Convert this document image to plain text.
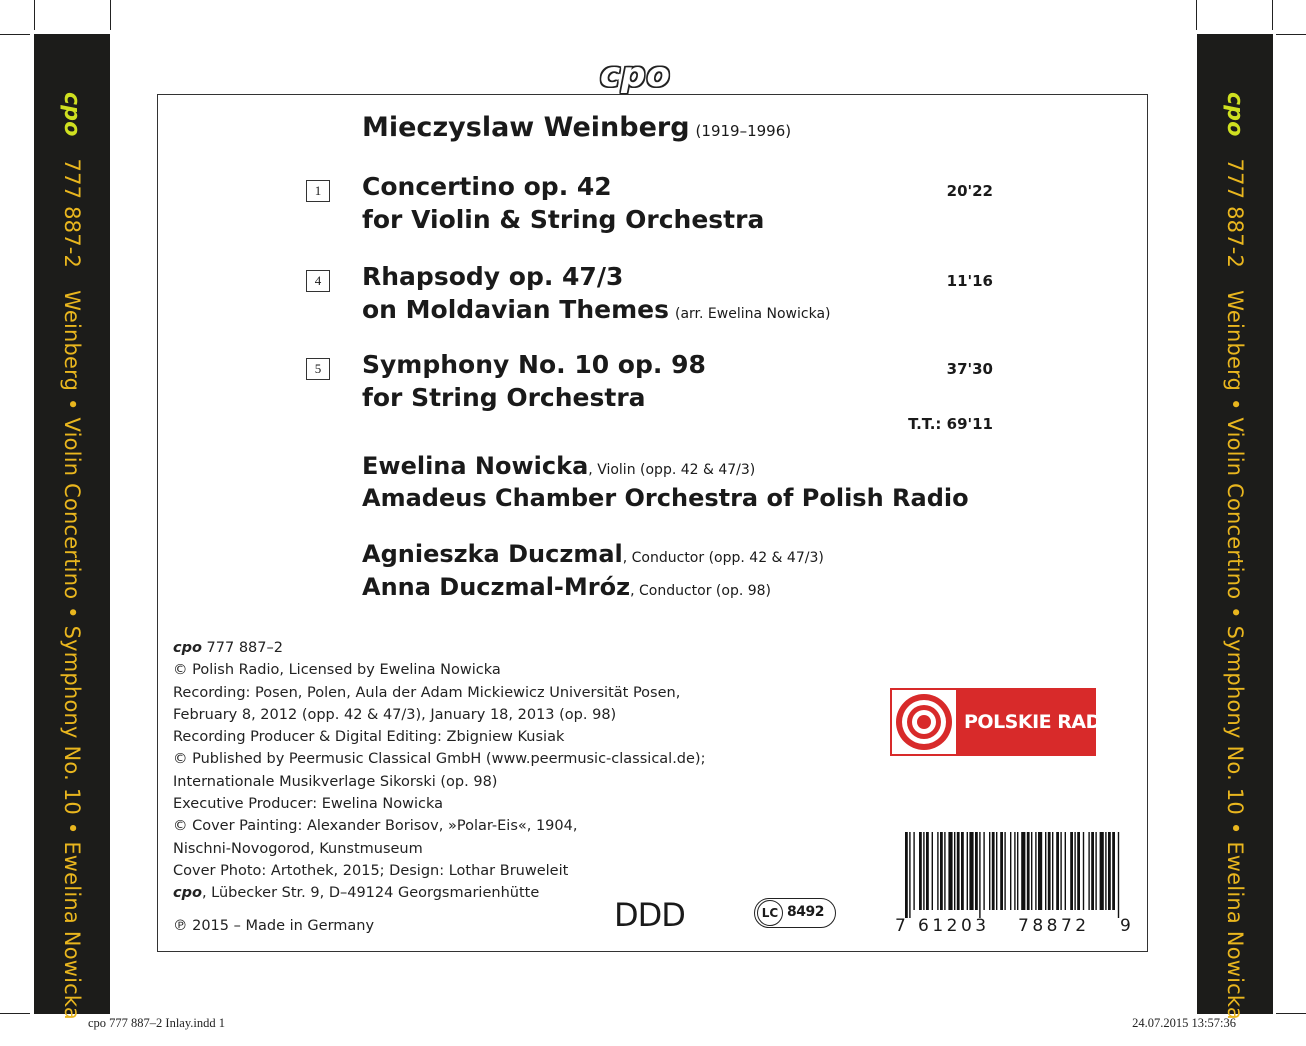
cpo
777 887-2
Weinberg • Violin Concertino • Symphony No. 10 • Ewelina Nowicka
cpo
777 887-2
Weinberg • Violin Concertino • Symphony No. 10 • Ewelina Nowicka
cpo
Mieczyslaw Weinberg (1919–1996)
1	Concertino op. 42
for Violin & String Orchestra
20'22
4	Rhapsody op. 47/3
on Moldavian Themes (arr. Ewelina Nowicka)
11'16
5	Symphony No. 10 op. 98
for String Orchestra
37'30
T.T.: 69'11
Ewelina Nowicka, Violin (opp. 42 & 47/3)
Amadeus Chamber Orchestra of Polish Radio
Agnieszka Duczmal, Conductor (opp. 42 & 47/3)
Anna Duczmal-Mróz, Conductor (op. 98)
cpo 777 887–2
© Polish Radio, Licensed by Ewelina Nowicka
Recording: Posen, Polen, Aula der Adam Mickiewicz Universität Posen,
February 8, 2012 (opp. 42 & 47/3), January 18, 2013 (op. 98)
Recording Producer & Digital Editing: Zbigniew Kusiak
© Published by Peermusic Classical GmbH (www.peermusic-classical.de);
Internationale Musikverlage Sikorski (op. 98)
Executive Producer: Ewelina Nowicka
© Cover Painting: Alexander Borisov, »Polar-Eis«, 1904,
Nischni-Novogorod, Kunstmuseum
Cover Photo: Artothek, 2015; Design: Lothar Bruweleit
cpo, Lübecker Str. 9, D–49124 Georgsmarienhütte
℗ 2015 – Made in Germany
POLSKIE RADIO
DDD	LC 8492
7 61203 78872 9
cpo 777 887–2 Inlay.indd 1	24.07.2015 13:57:36
